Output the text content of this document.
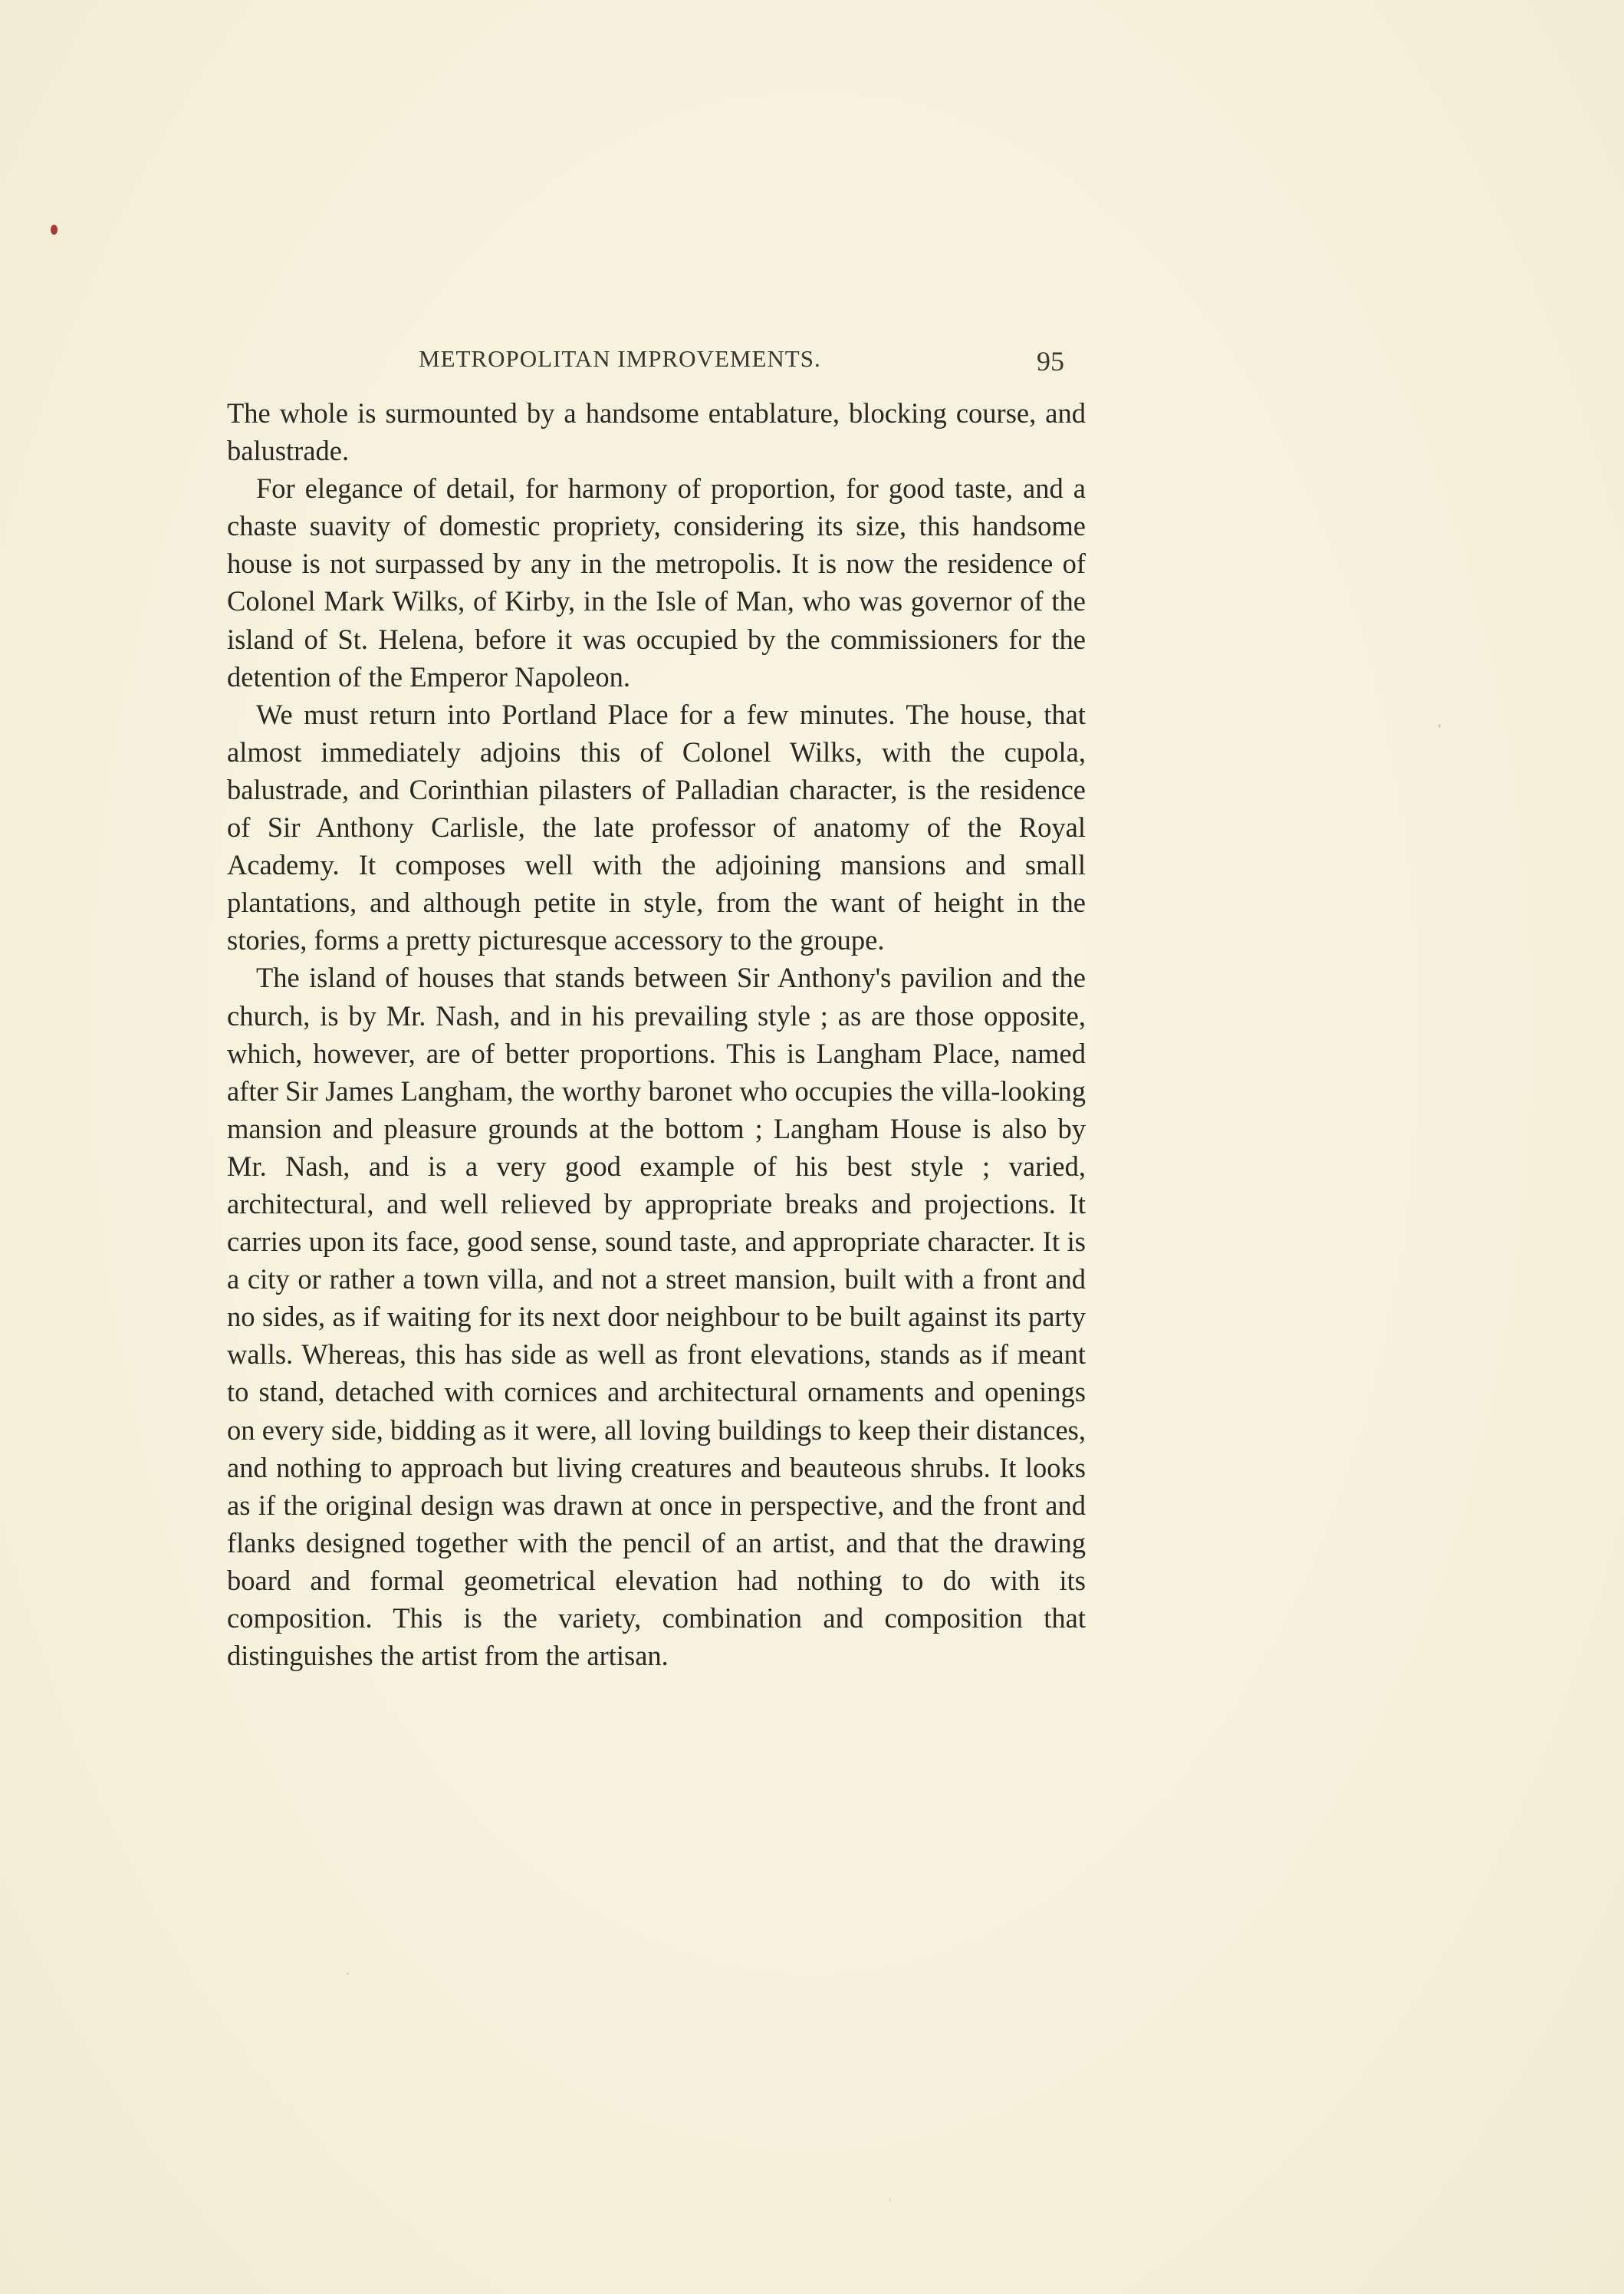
METROPOLITAN IMPROVEMENTS.	95

The whole is surmounted by a handsome entablature, blocking course, and balustrade.

For elegance of detail, for harmony of proportion, for good taste, and a chaste suavity of domestic propriety, considering its size, this handsome house is not surpassed by any in the metropolis. It is now the residence of Colonel Mark Wilks, of Kirby, in the Isle of Man, who was governor of the island of St. Helena, before it was occupied by the commissioners for the detention of the Emperor Napoleon.

We must return into Portland Place for a few minutes. The house, that almost immediately adjoins this of Colonel Wilks, with the cupola, balustrade, and Corinthian pilasters of Palladian character, is the residence of Sir Anthony Carlisle, the late professor of anatomy of the Royal Academy. It composes well with the adjoining mansions and small plantations, and although petite in style, from the want of height in the stories, forms a pretty picturesque accessory to the groupe.

The island of houses that stands between Sir Anthony's pavilion and the church, is by Mr. Nash, and in his prevailing style ; as are those opposite, which, however, are of better proportions. This is Langham Place, named after Sir James Langham, the worthy baronet who occupies the villa-looking mansion and pleasure grounds at the bottom ; Langham House is also by Mr. Nash, and is a very good example of his best style ; varied, architectural, and well relieved by appropriate breaks and projections. It carries upon its face, good sense, sound taste, and appropriate character. It is a city or rather a town villa, and not a street mansion, built with a front and no sides, as if waiting for its next door neighbour to be built against its party walls. Whereas, this has side as well as front elevations, stands as if meant to stand, detached with cornices and architectural ornaments and openings on every side, bidding as it were, all loving buildings to keep their distances, and nothing to approach but living creatures and beauteous shrubs. It looks as if the original design was drawn at once in perspective, and the front and flanks designed together with the pencil of an artist, and that the drawing board and formal geometrical elevation had nothing to do with its composition. This is the variety, combination and composition that distinguishes the artist from the artisan.
